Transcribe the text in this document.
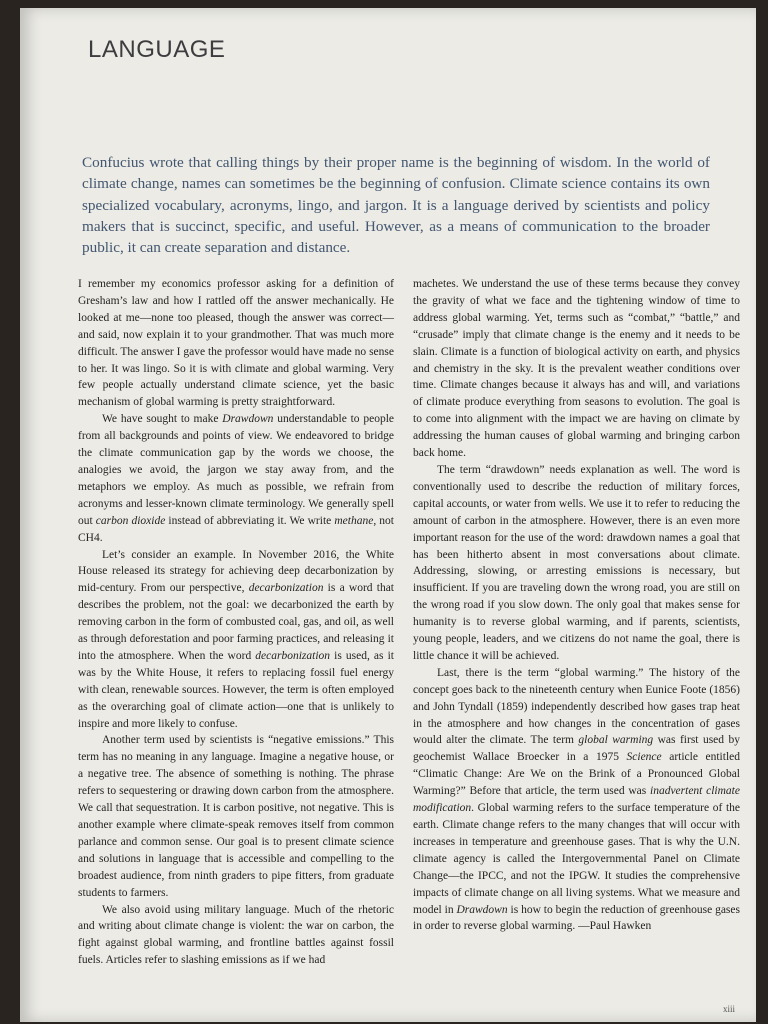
LANGUAGE
Confucius wrote that calling things by their proper name is the beginning of wisdom. In the world of climate change, names can sometimes be the beginning of confusion. Climate science contains its own specialized vocabulary, acronyms, lingo, and jargon. It is a language derived by scientists and policy makers that is succinct, specific, and useful. However, as a means of communication to the broader public, it can create separation and distance.

I remember my economics professor asking for a definition of Gresham’s law and how I rattled off the answer mechanically. He looked at me—none too pleased, though the answer was correct—and said, now explain it to your grandmother. That was much more difficult. The answer I gave the professor would have made no sense to her. It was lingo. So it is with climate and global warming. Very few people actually understand climate science, yet the basic mechanism of global warming is pretty straightforward.

We have sought to make Drawdown understandable to people from all backgrounds and points of view. We endeavored to bridge the climate communication gap by the words we choose, the analogies we avoid, the jargon we stay away from, and the metaphors we employ. As much as possible, we refrain from acronyms and lesser-known climate terminology. We generally spell out carbon dioxide instead of abbreviating it. We write methane, not CH4.

Let’s consider an example. In November 2016, the White House released its strategy for achieving deep decarbonization by mid-century. From our perspective, decarbonization is a word that describes the problem, not the goal: we decarbonized the earth by removing carbon in the form of combusted coal, gas, and oil, as well as through deforestation and poor farming practices, and releasing it into the atmosphere. When the word decarbonization is used, as it was by the White House, it refers to replacing fossil fuel energy with clean, renewable sources. However, the term is often employed as the overarching goal of climate action—one that is unlikely to inspire and more likely to confuse.

Another term used by scientists is “negative emissions.” This term has no meaning in any language. Imagine a negative house, or a negative tree. The absence of something is nothing. The phrase refers to sequestering or drawing down carbon from the atmosphere. We call that sequestration. It is carbon positive, not negative. This is another example where climate-speak removes itself from common parlance and common sense. Our goal is to present climate science and solutions in language that is accessible and compelling to the broadest audience, from ninth graders to pipe fitters, from graduate students to farmers.

We also avoid using military language. Much of the rhetoric and writing about climate change is violent: the war on carbon, the fight against global warming, and frontline battles against fossil fuels. Articles refer to slashing emissions as if we had

machetes. We understand the use of these terms because they convey the gravity of what we face and the tightening window of time to address global warming. Yet, terms such as “combat,” “battle,” and “crusade” imply that climate change is the enemy and it needs to be slain. Climate is a function of biological activity on earth, and physics and chemistry in the sky. It is the prevalent weather conditions over time. Climate changes because it always has and will, and variations of climate produce everything from seasons to evolution. The goal is to come into alignment with the impact we are having on climate by addressing the human causes of global warming and bringing carbon back home.

The term “drawdown” needs explanation as well. The word is conventionally used to describe the reduction of military forces, capital accounts, or water from wells. We use it to refer to reducing the amount of carbon in the atmosphere. However, there is an even more important reason for the use of the word: drawdown names a goal that has been hitherto absent in most conversations about climate. Addressing, slowing, or arresting emissions is necessary, but insufficient. If you are traveling down the wrong road, you are still on the wrong road if you slow down. The only goal that makes sense for humanity is to reverse global warming, and if parents, scientists, young people, leaders, and we citizens do not name the goal, there is little chance it will be achieved.

Last, there is the term “global warming.” The history of the concept goes back to the nineteenth century when Eunice Foote (1856) and John Tyndall (1859) independently described how gases trap heat in the atmosphere and how changes in the concentration of gases would alter the climate. The term global warming was first used by geochemist Wallace Broecker in a 1975 Science article entitled “Climatic Change: Are We on the Brink of a Pronounced Global Warming?” Before that article, the term used was inadvertent climate modification. Global warming refers to the surface temperature of the earth. Climate change refers to the many changes that will occur with increases in temperature and greenhouse gases. That is why the U.N. climate agency is called the Intergovernmental Panel on Climate Change—the IPCC, and not the IPGW. It studies the comprehensive impacts of climate change on all living systems. What we measure and model in Drawdown is how to begin the reduction of greenhouse gases in order to reverse global warming. —Paul Hawken

xiii
